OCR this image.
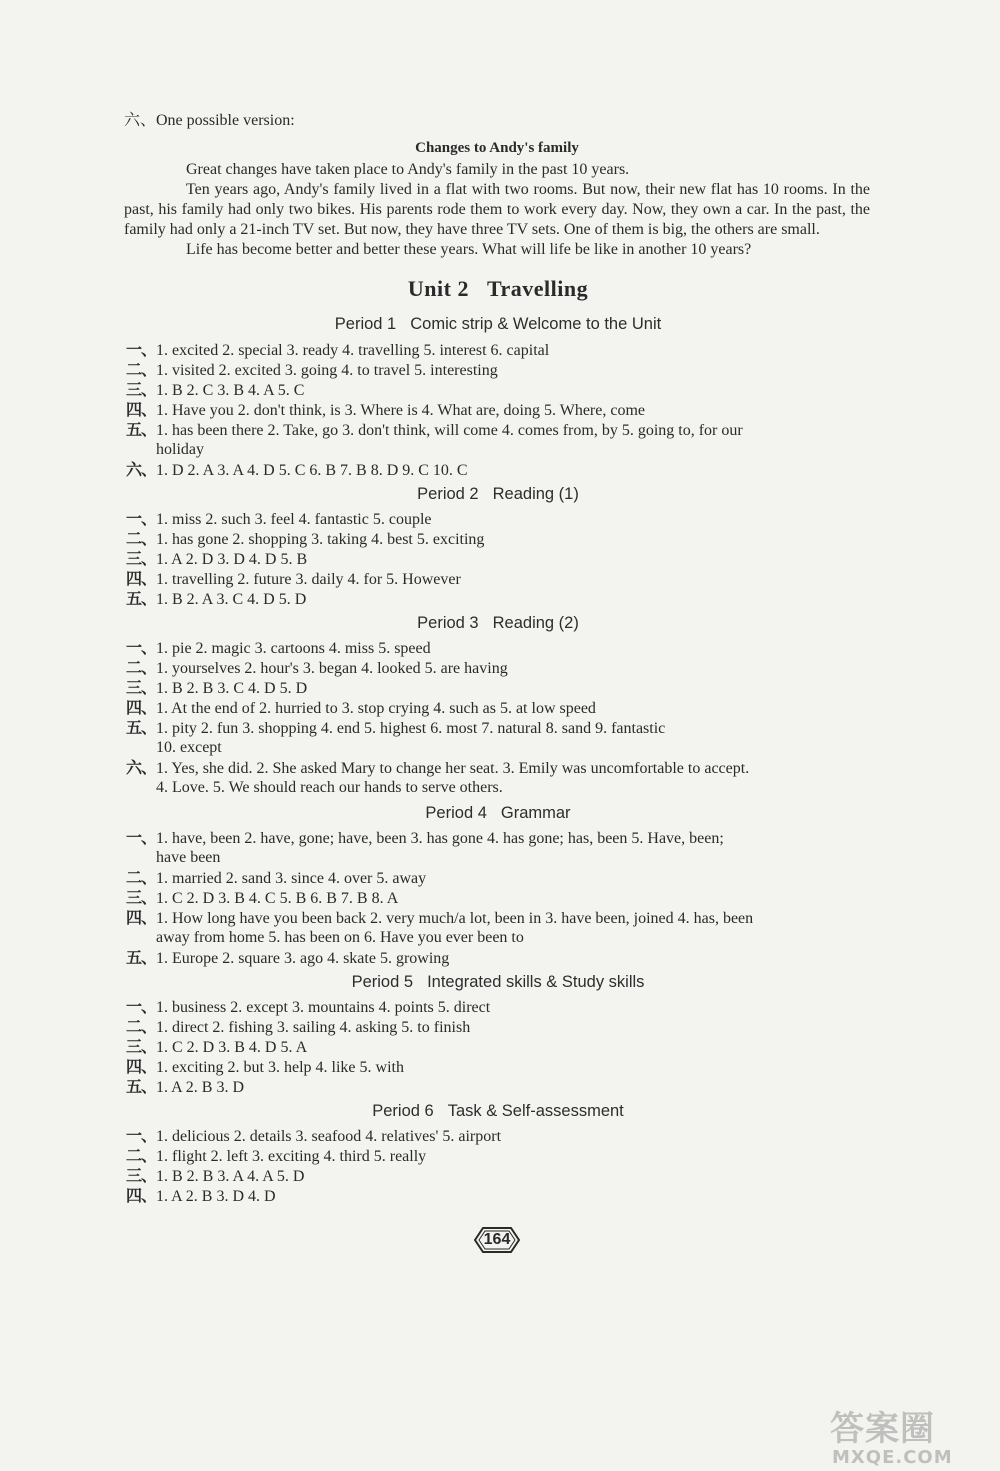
六、One possible version:
Changes to Andy's family

Great changes have taken place to Andy's family in the past 10 years.

Ten years ago, Andy's family lived in a flat with two rooms. But now, their new flat has 10 rooms. In the past, his family had only two bikes. His parents rode them to work every day. Now, they own a car. In the past, the family had only a 21-inch TV set. But now, they have three TV sets. One of them is big, the others are small.

Life has become better and better these years. What will life be like in another 10 years?

Unit 2 Travelling
Period 1 Comic strip & Welcome to the Unit
一、1. excited 2. special 3. ready 4. travelling 5. interest 6. capital
二、1. visited 2. excited 3. going 4. to travel 5. interesting
三、1. B 2. C 3. B 4. A 5. C
四、1. Have you 2. don't think, is 3. Where is 4. What are, doing 5. Where, come
五、1. has been there 2. Take, go 3. don't think, will come 4. comes from, by 5. going to, for our
holiday
六、1. D 2. A 3. A 4. D 5. C 6. B 7. B 8. D 9. C 10. C
Period 2 Reading (1)
一、1. miss 2. such 3. feel 4. fantastic 5. couple
二、1. has gone 2. shopping 3. taking 4. best 5. exciting
三、1. A 2. D 3. D 4. D 5. B
四、1. travelling 2. future 3. daily 4. for 5. However
五、1. B 2. A 3. C 4. D 5. D
Period 3 Reading (2)
一、1. pie 2. magic 3. cartoons 4. miss 5. speed
二、1. yourselves 2. hour's 3. began 4. looked 5. are having
三、1. B 2. B 3. C 4. D 5. D
四、1. At the end of 2. hurried to 3. stop crying 4. such as 5. at low speed
五、1. pity 2. fun 3. shopping 4. end 5. highest 6. most 7. natural 8. sand 9. fantastic
10. except
六、1. Yes, she did. 2. She asked Mary to change her seat. 3. Emily was uncomfortable to accept.
4. Love. 5. We should reach our hands to serve others.
Period 4 Grammar
一、1. have, been 2. have, gone; have, been 3. has gone 4. has gone; has, been 5. Have, been;
have been
二、1. married 2. sand 3. since 4. over 5. away
三、1. C 2. D 3. B 4. C 5. B 6. B 7. B 8. A
四、1. How long have you been back 2. very much/a lot, been in 3. have been, joined 4. has, been
away from home 5. has been on 6. Have you ever been to
五、1. Europe 2. square 3. ago 4. skate 5. growing
Period 5 Integrated skills & Study skills
一、1. business 2. except 3. mountains 4. points 5. direct
二、1. direct 2. fishing 3. sailing 4. asking 5. to finish
三、1. C 2. D 3. B 4. D 5. A
四、1. exciting 2. but 3. help 4. like 5. with
五、1. A 2. B 3. D
Period 6 Task & Self-assessment
一、1. delicious 2. details 3. seafood 4. relatives' 5. airport
二、1. flight 2. left 3. exciting 4. third 5. really
三、1. B 2. B 3. A 4. A 5. D
四、1. A 2. B 3. D 4. D
164
答案圈
MXQE.COM
